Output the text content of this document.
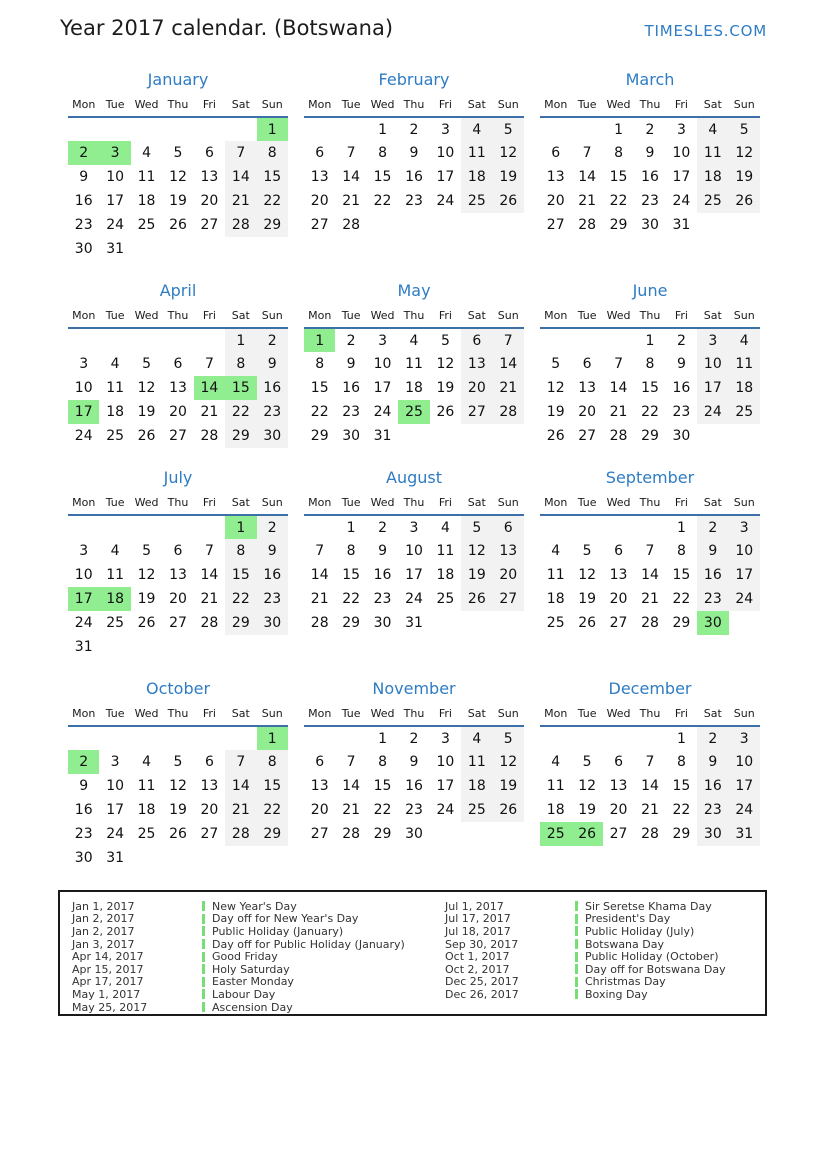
Year 2017 calendar. (Botswana)	TIMESLES.COM
January
Mon	Tue	Wed	Thu	Fri	Sat	Sun
						1
2	3	4	5	6	7	8
9	10	11	12	13	14	15
16	17	18	19	20	21	22
23	24	25	26	27	28	29
30	31					
February
Mon	Tue	Wed	Thu	Fri	Sat	Sun
		1	2	3	4	5
6	7	8	9	10	11	12
13	14	15	16	17	18	19
20	21	22	23	24	25	26
27	28					
March
Mon	Tue	Wed	Thu	Fri	Sat	Sun
		1	2	3	4	5
6	7	8	9	10	11	12
13	14	15	16	17	18	19
20	21	22	23	24	25	26
27	28	29	30	31		
April
Mon	Tue	Wed	Thu	Fri	Sat	Sun
					1	2
3	4	5	6	7	8	9
10	11	12	13	14	15	16
17	18	19	20	21	22	23
24	25	26	27	28	29	30
May
Mon	Tue	Wed	Thu	Fri	Sat	Sun
1	2	3	4	5	6	7
8	9	10	11	12	13	14
15	16	17	18	19	20	21
22	23	24	25	26	27	28
29	30	31				
June
Mon	Tue	Wed	Thu	Fri	Sat	Sun
			1	2	3	4
5	6	7	8	9	10	11
12	13	14	15	16	17	18
19	20	21	22	23	24	25
26	27	28	29	30		
July
Mon	Tue	Wed	Thu	Fri	Sat	Sun
					1	2
3	4	5	6	7	8	9
10	11	12	13	14	15	16
17	18	19	20	21	22	23
24	25	26	27	28	29	30
31						
August
Mon	Tue	Wed	Thu	Fri	Sat	Sun
	1	2	3	4	5	6
7	8	9	10	11	12	13
14	15	16	17	18	19	20
21	22	23	24	25	26	27
28	29	30	31			
September
Mon	Tue	Wed	Thu	Fri	Sat	Sun
				1	2	3
4	5	6	7	8	9	10
11	12	13	14	15	16	17
18	19	20	21	22	23	24
25	26	27	28	29	30	
October
Mon	Tue	Wed	Thu	Fri	Sat	Sun
						1
2	3	4	5	6	7	8
9	10	11	12	13	14	15
16	17	18	19	20	21	22
23	24	25	26	27	28	29
30	31					
November
Mon	Tue	Wed	Thu	Fri	Sat	Sun
		1	2	3	4	5
6	7	8	9	10	11	12
13	14	15	16	17	18	19
20	21	22	23	24	25	26
27	28	29	30			
December
Mon	Tue	Wed	Thu	Fri	Sat	Sun
				1	2	3
4	5	6	7	8	9	10
11	12	13	14	15	16	17
18	19	20	21	22	23	24
25	26	27	28	29	30	31
Jan 1, 2017	New Year's Day
Jan 2, 2017	Day off for New Year's Day
Jan 2, 2017	Public Holiday (January)
Jan 3, 2017	Day off for Public Holiday (January)
Apr 14, 2017	Good Friday
Apr 15, 2017	Holy Saturday
Apr 17, 2017	Easter Monday
May 1, 2017	Labour Day
May 25, 2017	Ascension Day
Jul 1, 2017	Sir Seretse Khama Day
Jul 17, 2017	President's Day
Jul 18, 2017	Public Holiday (July)
Sep 30, 2017	Botswana Day
Oct 1, 2017	Public Holiday (October)
Oct 2, 2017	Day off for Botswana Day
Dec 25, 2017	Christmas Day
Dec 26, 2017	Boxing Day
